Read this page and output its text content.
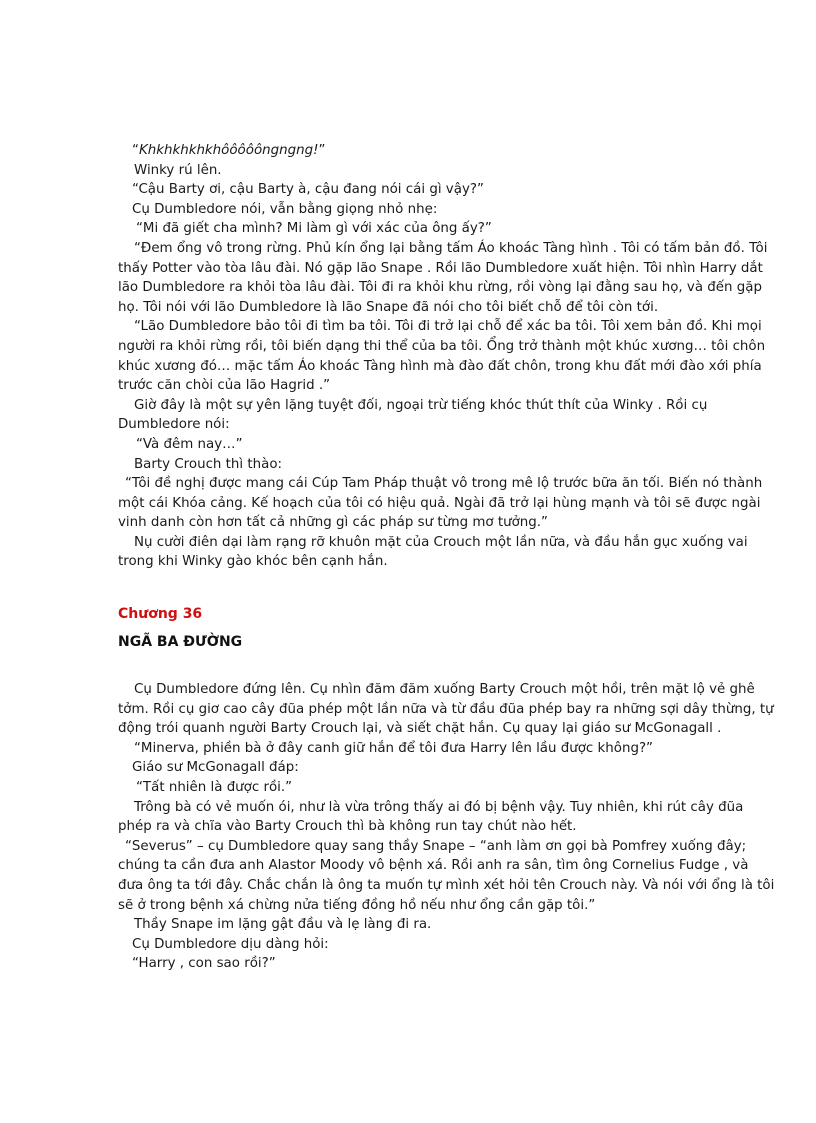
“Khkhkhkhkhôôôôôngngng!”

Winky rú lên.

“Cậu Barty ơi, cậu Barty à, cậu đang nói cái gì vậy?”

Cụ Dumbledore nói, vẫn bằng giọng nhỏ nhẹ:

“Mi đã giết cha mình? Mi làm gì với xác của ông ấy?”

“Đem ổng vô trong rừng. Phủ kín ổng lại bằng tấm Áo khoác Tàng hình . Tôi có tấm bản đồ. Tôi thấy Potter vào tòa lâu đài. Nó gặp lão Snape . Rồi lão Dumbledore xuất hiện. Tôi nhìn Harry dắt lão Dumbledore ra khỏi tòa lâu đài. Tôi đi ra khỏi khu rừng, rồi vòng lại đằng sau họ, và đến gặp họ. Tôi nói với lão Dumbledore là lão Snape đã nói cho tôi biết chỗ để tôi còn tới.

“Lão Dumbledore bảo tôi đi tìm ba tôi. Tôi đi trở lại chỗ để xác ba tôi. Tôi xem bản đồ. Khi mọi người ra khỏi rừng rồi, tôi biến dạng thi thể của ba tôi. Ổng trở thành một khúc xương… tôi chôn khúc xương đó… mặc tấm Áo khoác Tàng hình mà đào đất chôn, trong khu đất mới đào xới phía trước căn chòi của lão Hagrid .”

Giờ đây là một sự yên lặng tuyệt đối, ngoại trừ tiếng khóc thút thít của Winky . Rồi cụ Dumbledore nói:

“Và đêm nay…”

Barty Crouch thì thào:

“Tôi đề nghị được mang cái Cúp Tam Pháp thuật vô trong mê lộ trước bữa ăn tối. Biến nó thành một cái Khóa cảng. Kế hoạch của tôi có hiệu quả. Ngài đã trở lại hùng mạnh và tôi sẽ được ngài vinh danh còn hơn tất cả những gì các pháp sư từng mơ tưởng.”

Nụ cười điên dại làm rạng rỡ khuôn mặt của Crouch một lần nữa, và đầu hắn gục xuống vai trong khi Winky gào khóc bên cạnh hắn.

Chương 36

NGÃ BA ĐƯỜNG

Cụ Dumbledore đứng lên. Cụ nhìn đăm đăm xuống Barty Crouch một hồi, trên mặt lộ vẻ ghê tởm. Rồi cụ giơ cao cây đũa phép một lần nữa và từ đầu đũa phép bay ra những sợi dây thừng, tự động trói quanh người Barty Crouch lại, và siết chặt hắn. Cụ quay lại giáo sư McGonagall .

“Minerva, phiền bà ở đây canh giữ hắn để tôi đưa Harry lên lầu được không?”

Giáo sư McGonagall đáp:

“Tất nhiên là được rồi.”

Trông bà có vẻ muốn ói, như là vừa trông thấy ai đó bị bệnh vậy. Tuy nhiên, khi rút cây đũa phép ra và chĩa vào Barty Crouch thì bà không run tay chút nào hết.

“Severus” – cụ Dumbledore quay sang thầy Snape – “anh làm ơn gọi bà Pomfrey xuống đây; chúng ta cần đưa anh Alastor Moody vô bệnh xá. Rồi anh ra sân, tìm ông Cornelius Fudge , và đưa ông ta tới đây. Chắc chắn là ông ta muốn tự mình xét hỏi tên Crouch này. Và nói với ổng là tôi sẽ ở trong bệnh xá chừng nửa tiếng đồng hồ nếu như ổng cần gặp tôi.”

Thầy Snape im lặng gật đầu và lẹ làng đi ra.

Cụ Dumbledore dịu dàng hỏi:

“Harry , con sao rồi?”
